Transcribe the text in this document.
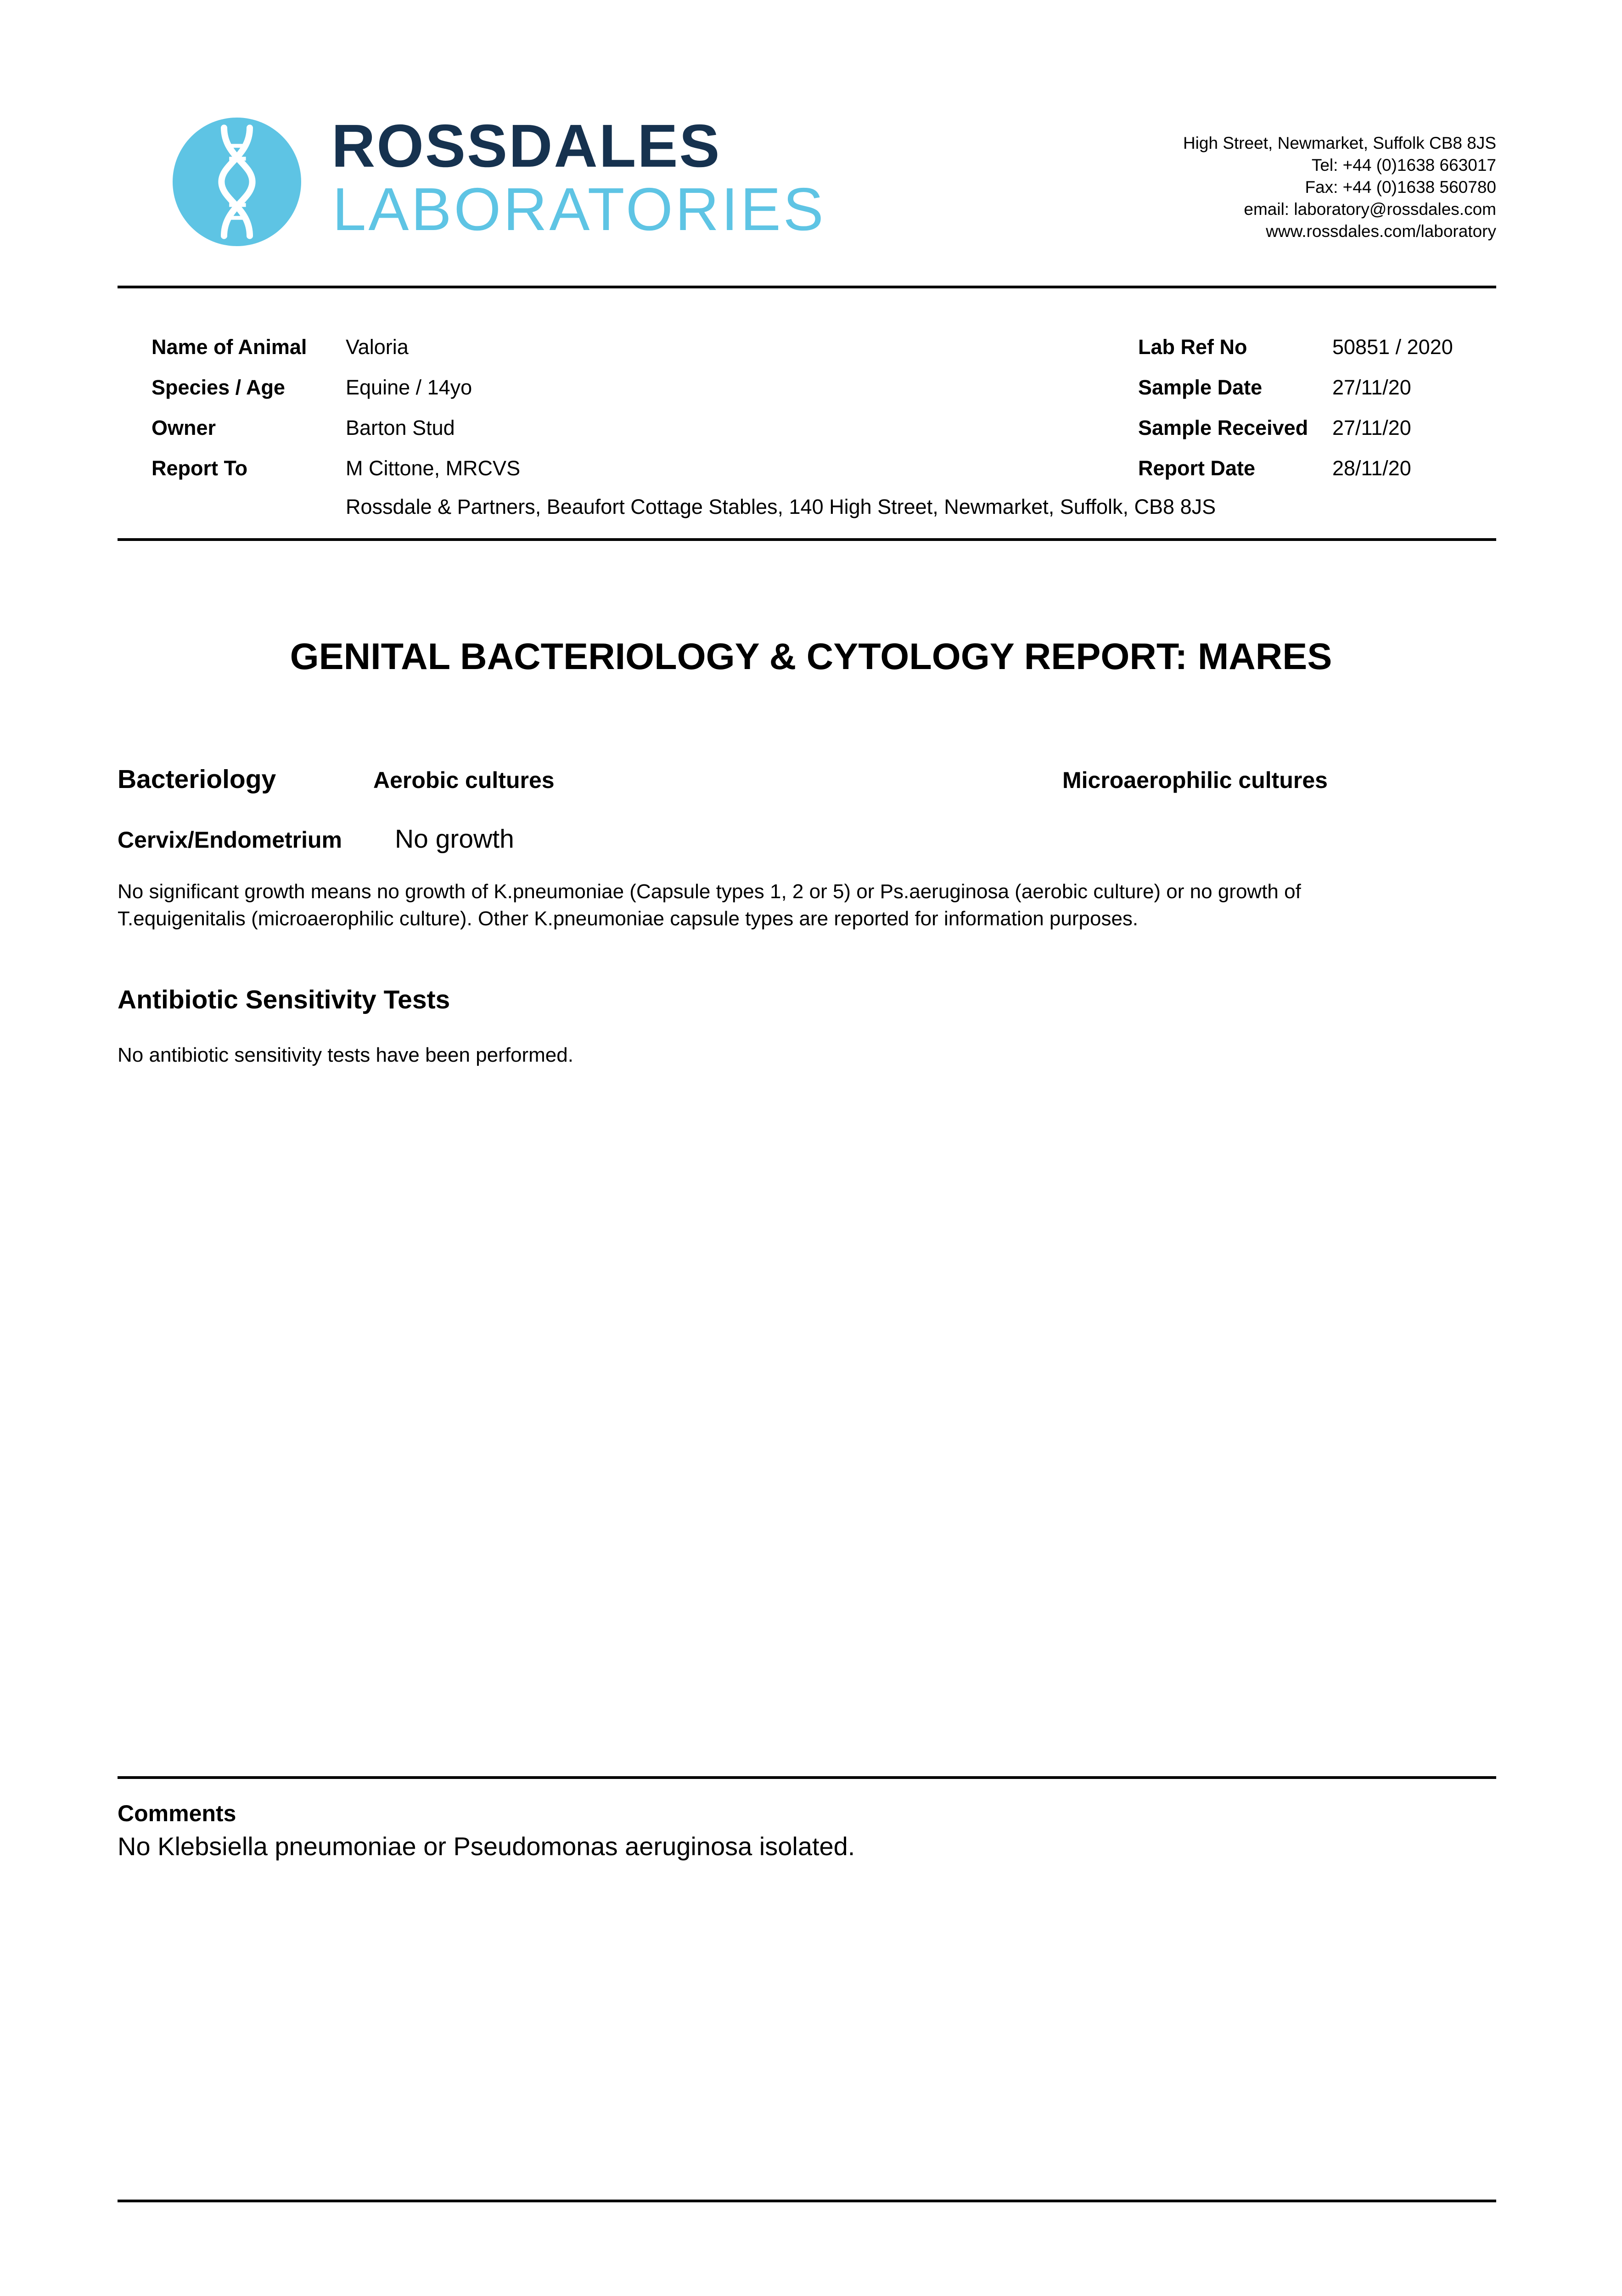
ROSSDALES
LABORATORIES
High Street, Newmarket, Suffolk CB8 8JS
Tel: +44 (0)1638 663017
Fax: +44 (0)1638 560780
email: laboratory@rossdales.com
www.rossdales.com/laboratory
Name of Animal Valoria
Species / Age	Equine / 14yo
Owner	Barton Stud
Report To	M Cittone, MRCVS
Rossdale & Partners, Beaufort Cottage Stables, 140 High Street, Newmarket, Suffolk, CB8 8JS
Lab Ref No	50851 / 2020
Sample Date	27/11/20
Sample Received 27/11/20
Report Date	28/11/20
GENITAL BACTERIOLOGY & CYTOLOGY REPORT: MARES
Bacteriology	Aerobic cultures	Microaerophilic cultures
Cervix/Endometrium No growth
No significant growth means no growth of K.pneumoniae (Capsule types 1, 2 or 5) or Ps.aeruginosa (aerobic culture) or no growth of
T.equigenitalis (microaerophilic culture). Other K.pneumoniae capsule types are reported for information purposes.
Antibiotic Sensitivity Tests
No antibiotic sensitivity tests have been performed.
Comments
No Klebsiella pneumoniae or Pseudomonas aeruginosa isolated.
